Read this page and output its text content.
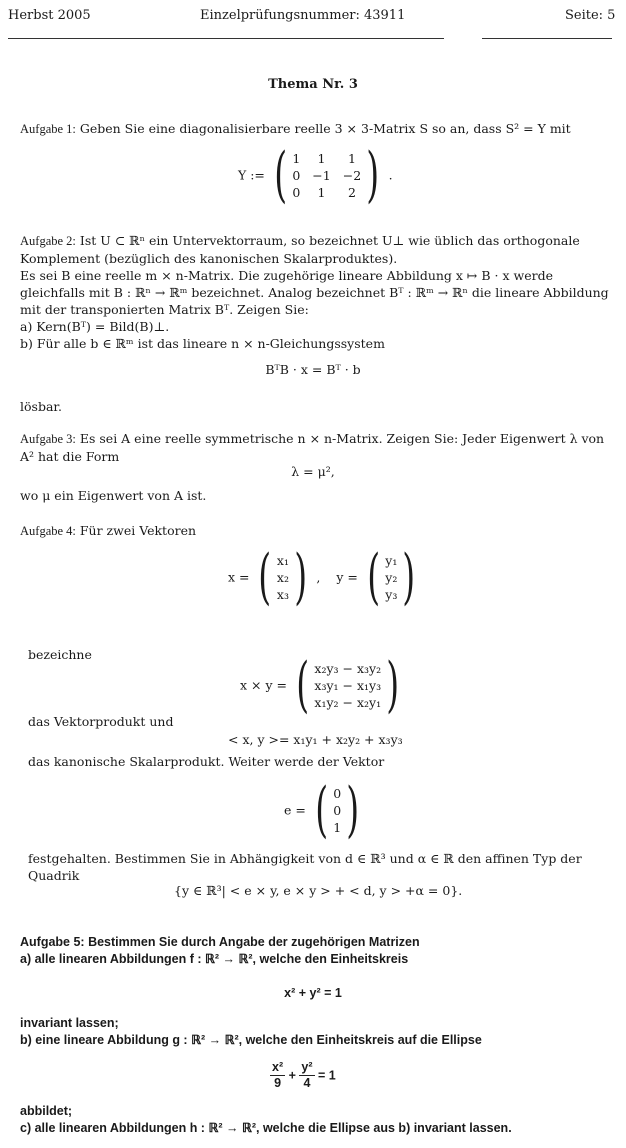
Herbst 2005	Einzelprüfungsnummer: 43911	Seite: 5
Thema Nr. 3
Aufgabe 1: Geben Sie eine diagonalisierbare reelle 3 × 3-Matrix S so an, dass S² = Y mit
Y := ( 1	1	1
0 −1 −2
0	1	2 ) .

Aufgabe 2: Ist U ⊂ ℝⁿ ein Untervektorraum, so bezeichnet U⊥ wie üblich das orthogonale Komplement (bezüglich des kanonischen Skalarproduktes).

Es sei B eine reelle m × n-Matrix. Die zugehörige lineare Abbildung x ↦ B · x werde gleichfalls mit B : ℝⁿ → ℝᵐ bezeichnet. Analog bezeichnet Bᵀ : ℝᵐ → ℝⁿ die lineare Abbildung mit der transponierten Matrix Bᵀ. Zeigen Sie:

a) Kern(Bᵀ) = Bild(B)⊥.

b) Für alle b ∈ ℝᵐ ist das lineare n × n-Gleichungssystem

BᵀB · x = Bᵀ · b
lösbar.
Aufgabe 3: Es sei A eine reelle symmetrische n × n-Matrix. Zeigen Sie: Jeder Eigenwert λ von A² hat die Form
λ = μ²,
wo μ ein Eigenwert von A ist.
Aufgabe 4: Für zwei Vektoren
x = ( x₁
x₂
x₃ ) , y = ( y₁
y₂
y₃ )
bezeichne
x × y = ( x₂y₃ − x₃y₂
x₃y₁ − x₁y₃
x₁y₂ − x₂y₁ )
das Vektorprodukt und
< x, y >= x₁y₁ + x₂y₂ + x₃y₃
das kanonische Skalarprodukt. Weiter werde der Vektor
e = ( 0
0
1 )
festgehalten. Bestimmen Sie in Abhängigkeit von d ∈ ℝ³ und α ∈ ℝ den affinen Typ der Quadrik
{y ∈ ℝ³| < e × y, e × y > + < d, y > +α = 0}.

Aufgabe 5: Bestimmen Sie durch Angabe der zugehörigen Matrizen

a) alle linearen Abbildungen f : ℝ² → ℝ², welche den Einheitskreis

x² + y² = 1

invariant lassen;

b) eine lineare Abbildung g : ℝ² → ℝ², welche den Einheitskreis auf die Ellipse

$\frac{\text{x²}}{9} + \frac{\text{y²}}{4} = 1$

abbildet;

c) alle linearen Abbildungen h : ℝ² → ℝ², welche die Ellipse aus b) invariant lassen.
